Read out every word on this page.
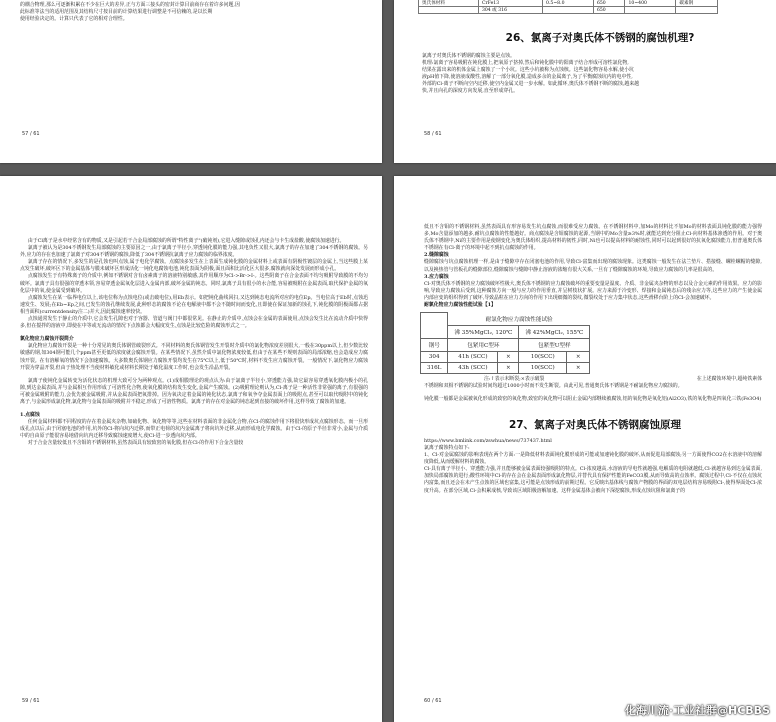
的耦合物理,那么可逐渐积累在不少在巨大的差异,正与方面三接头的密封计算目前商存在着许多问题,因

此标准等法当的适用范围及其结构尺寸按目前的计算结果进行调整是不可信赖的,是以长期

使用经验决定的。计算只代表了它的相对合理性。

57 / 61
奥氏体材料	CrFe13	0.5~8.0	650	10~400	碳素钢
	304 或 316		650		
26、氯离子对奥氏体不锈钢的腐蚀机理?

氯离子对奥氏体不锈钢的腐蚀主要是点蚀。

机理:氯离子容易吸附在钝化膜上,把氧原子挤掉,然后和钝化膜中的阳离子结合形成可溶性氯化物,

结果在露出来的机体金属上腐蚀了一个小坑。这些小坑被称为点蚀核。这些氯化物容易水解,使小坑

液pH值下降,使溶液成酸性,溶解了一部分氧化膜,造成多余的金属离子,为了平衡腐蚀坑内的电中性,

外部的Cl-离子不断向空内迁移,使空内金属又进一步水解。如此循环,奥氏体不锈钢不断的腐蚀,越来越

快,并且向孔的深度方向发展,直至形成穿孔。

58 / 61

由于Cl离子是水中经常含有的物质,又是引起若干合金局部腐蚀的所谓"特性离子"(破钝剂),它进入缝隙或蚀孔内还会与卡生成盐酸,使腐蚀加速进行。

氯离子被认为是304不锈钢发生局部腐蚀的主要原因之一,由于氯离子半径小,穿透钝化膜的能力强,其电负性又很大,氯离子的存在加速了304不锈钢的腐蚀。另外,应力的存在也加速了氯离子对304不锈钢的腐蚀,降低了304不锈钢抗氯离子应力腐蚀的临界浓度。

氯离子存在的情况下,多发生的是孔蚀也叫点蚀,属于电化学腐蚀。点腐蚀多发生在上表面生成钝化膜的金属材料上或表面有阴极性镀层的金属上,当这些膜上某点发生破坏,破坏区下的金属基体与膜未破坏区形成活化一钝化电腐蚀电池,钝化表面为阴极,面且面积比活化区大很多,腐蚀就向深处发展而形成小孔。

点腐蚀发生于有特殊离子的介质中,例如不锈钢对含有卤素离子的溶液特别敏感,其作用顺序为Cl->Br->I-。这些阴离子在合金表面不均匀吸附导致膜的不均匀破坏。氯离子具有很强的穿透本领,容易穿透金属氧化层进入金属内部,破坏金属的钝态。同时,氯离子具有很小的水合能,容易被吸附在金属表面,取代保护金属的氧化层中的氧,使金属受到破坏。

点腐蚀发生在某一临界电位以上,该电位称为点蚀电位(或击破电位),用Eb表示。如把钝化曲线回扫,又达到钝态电流所对应的电位Ep。当电位高于Eb时,点蚀迅速发生、发展;在Eb~Ep之间,已发生的蚀孔继续发展,此种形态的腐蚀不论在电解液中都不会不随时间而变化,且即使在保证加新的蚀孔下,钝化膜的阴极面都占据相当面积(currentdensity注二)并大,因此腐蚀速率较快。

点蚀通常发生于静止的介质中,它会发生孔隙也对于容器、管道与阀门中都很常见。在静止的介质中,点蚀会在金属的表面使用,点蚀会发生比在流动介质中快得多,但在搅拌的溶液中,即使在中等或无流动的情况下点蚀都会大幅度发生,点蚀是比较危险的腐蚀形式之一。

氯化物应力腐蚀开裂简介

氯化物应力腐蚀开裂是一种十分常见的奥氏体钢管破裂形式。不同材料的奥氏体钢管发生开裂时介质中的氯化物浓度差别很大,一般在30ppm以上,但少数比较敏感的钢,如304钢可能几个ppm甚至更低的浓度就会腐蚀开裂。在某些情况下,虽然介质中氯化物浓度较低,但由于在某些不规则表面的局部浓缩,也会造成应力腐蚀开裂。在有溶解氧的情况下会加速腐蚀。大多数奥氏体钢应力腐蚀开裂均发生在75℃以上,低于50℃时,材料不发生应力腐蚀开裂。一般情况下,氯化物应力腐蚀开裂为穿晶开裂,但由于热处理不当使材料敏化或材料长期处于敏化温度工作时,也会发生沿晶开裂。

氯离子使钝化金属转变为活化状态的机理大致可分为两种观点。(1)成相膜理论的观点认为:由于氯离子半径小,穿透能力强,故它最容易穿透氧化膜内极小的孔隙,到达金属表面,并与金属相互作用形成了可溶性化合物,使氧化膜的结构发生变化,金属产生腐蚀。(2)吸附理论则认为,Cl-离子是一种活性非常强的离子,有很强的可被金属吸附的能力,会优先被金属吸附,并从金属表面把氧排掉。因为氧决定着金属的钝化状态,氯离子和氧争夺金属表面上的吸附点,甚至可以取代吸附中的钝化离子,与金属形成氯化物,氯化物与金属表面的吸附并不稳定,形成了可溶性物质。氯离子的存在对金属的钝态起到直接的破坏作用,这样导致了腐蚀的加速。

1.点腐蚀

任何金属材料都不同程度的存在着金属夹杂物,如硫化物、氧化物等等,这些在材料表面的非金属化合物,在Cl-的腐蚀作用下将很快形成坑点腐蚀形态。而一旦形成孔点以后,由于闭塞电池的作用,坑外的Cl-将向坑内迁移,而带正电荷的坑内金属离子将向坑外迁移,从而形成电化学腐蚀。由于Cl-的原子半径非常小,金属与介质中的自由原子能很容易地借向坑内迁移导致腐蚀速度增大,使Cl-进一步透向坑内部。

对于合金含量较低且不含钼的不锈钢材料,虽然表面具有较致密的氧化膜,但在Cl-的作用下合金含量较

59 / 61

低且不含钼的不锈钢材料,虽然表面具有形容易发生坑点腐蚀,而很难受应力腐蚀。在不锈钢材料中,加Mo的材料比不加Mo的材料表面具钝化膜的能力强得多,Mo含量添加的越多,耐坑点腐蚀的性能越好。商点腐蚀是含钼腐蚀的起源,当钢中的Mo含量≥3%时,就能达到充分阻止Cl-向材料基体渗透的作用。对于奥氏体不锈钢中,Ni的主要作用是使钢变化为奥氏体组织,提高材料的韧性,同时,Ni也可以提高材料的耐蚀性,同时可以起到很好的抗氧化腐蚀能力,但普通奥氏体不锈钢在有Cl-离子的环境中起不到抗点腐蚀的作用。

2.缝隙腐蚀

缝隙腐蚀与坑点腐蚀机理一样,是由于缝隙中存在闭塞电池的作用,导致Cl-富集而出现的腐蚀现象。这类腐蚀一般发生在法兰垫片、搭接缝、螺栓螺帽的缝隙,以及换热管与管板孔的缝隙部位,缝隙腐蚀与缝隙中静止溶液的浓缩有很大关系,一旦有了缝隙腐蚀的环境,导致应力腐蚀的几率是很高的。

3.应力腐蚀

Cl-对奥氏体不锈钢的应力腐蚀破坏性极大,奥氏体不锈钢的应力腐蚀破坏的重要变量是温度、介质、非金属夹杂物的形态以及合金元素的作用效果。应力的影响,导致应力腐蚀后受到,这种腐蚀方向一般与应力的作用垂直,并呈树枝状扩展。应力来源于冷变形、焊接和金属钝态后的残余应力等,这些应力的产生使金属内部应变的组织得到了破坏,导致晶粒在应力方向的作用下出现细微的裂纹,微裂纹处于应力集中状态,这些滑移台阶上的Cl-会加速破坏。

耐氯化物应力腐蚀性能试验【1】

	耐氯化物应力腐蚀性能试验			
	沸 35%MgCl₂, 120℃		沸 42%MgCl₂, 155℃	
钢号	包紧用C型环		包紧型U型样	
304	41h (SCC)	×	10(SCC)	×
316L	43h (SCC)	×	10(SCC)	×

注:↑表示未断裂;×表示破裂	在上述腐蚀环境中,超纯铁素体

不锈钢和双相不锈钢的试验时间均超过1000小时而不发生断裂。由此可见,普通奥氏体不锈钢是不耐氯化物应力腐蚀的。

钝化膜一般都是金属被氧化形成的致密的氧化物,致密的氧化物可以阻止金属内部继续被腐蚀,铝的氧化物是氧化铝(Al2O3),铁的氧化物是四氧化三铁(Fe3O4)

27、氯离子对奥氏体不锈钢腐蚀原理

https://www.bmlink.com/zswhua/news/737437.html

氯离子腐蚀特点如下:

1、Cl-对金属腐蚀的影响表现在两个方面:一是降低材料表面钝化膜形成的可能或加速钝化膜的破坏,从而促进局部腐蚀;另一方面使得CO2在水溶液中的溶解度降低,从而缓解材料的腐蚀。

Cl-具有离子半径小、穿透能力强,并且能够被金属表面较强吸附的特点。Cl-浓度越高,水溶液的导电性就越强,电解质的电阻就越低,Cl-就越容易到达金属表面,加快局部腐蚀的进行;酸性环境中Cl-的存在会在金属表面形成氯化物层,并替代具有保护性能的FeCO3膜,从而导致高的点蚀率。腐蚀过程中,Cl-不仅在点蚀坑内富集,而且还会在未产生点蚀的区域也富集,这可能是点蚀形成的前期过程。它反映出基体线与腐蚀产物膜的界面的双电层结构容易吸附Cl-,使得界面处Cl-浓度升高。在部分区域,Cl-会积累成核,导致该区域阳极溶解加速。这样金属基体会被向下深挖腐蚀,形成点蚀坑阻和氯离子的

60 / 61
化海川流·工业社群@HCBBS
